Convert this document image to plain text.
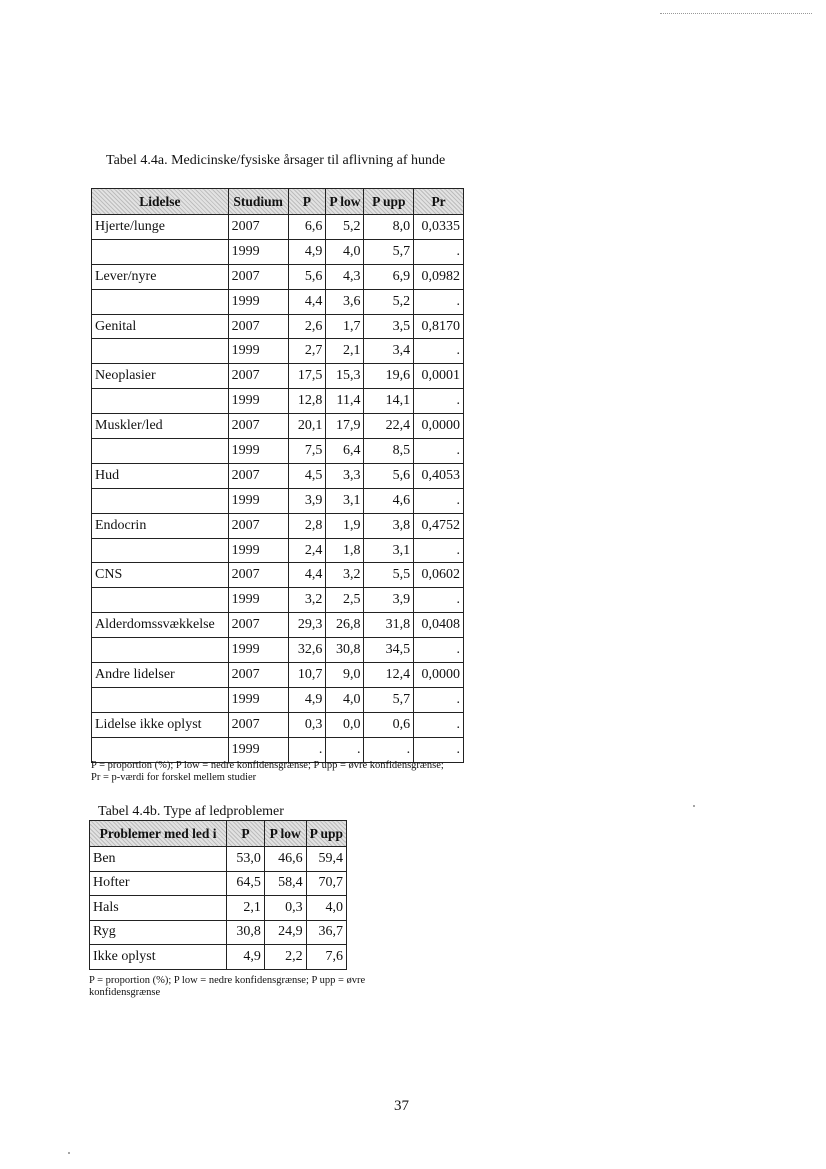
Tabel 4.4a. Medicinske/fysiske årsager til aflivning af hunde
Lidelse	Studium	P	P low	P upp	Pr
Hjerte/lunge	2007	6,6	5,2	8,0	0,0335
	1999	4,9	4,0	5,7	.
Lever/nyre	2007	5,6	4,3	6,9	0,0982
	1999	4,4	3,6	5,2	.
Genital	2007	2,6	1,7	3,5	0,8170
	1999	2,7	2,1	3,4	.
Neoplasier	2007	17,5	15,3	19,6	0,0001
	1999	12,8	11,4	14,1	.
Muskler/led	2007	20,1	17,9	22,4	0,0000
	1999	7,5	6,4	8,5	.
Hud	2007	4,5	3,3	5,6	0,4053
	1999	3,9	3,1	4,6	.
Endocrin	2007	2,8	1,9	3,8	0,4752
	1999	2,4	1,8	3,1	.
CNS	2007	4,4	3,2	5,5	0,0602
	1999	3,2	2,5	3,9	.
Alderdomssvækkelse	2007	29,3	26,8	31,8	0,0408
	1999	32,6	30,8	34,5	.
Andre lidelser	2007	10,7	9,0	12,4	0,0000
	1999	4,9	4,0	5,7	.
Lidelse ikke oplyst	2007	0,3	0,0	0,6	.
	1999	.	.	.	.
P = proportion (%); P low = nedre konfidensgrænse; P upp = øvre konfidensgrænse; Pr = p-værdi for forskel mellem studier
Tabel 4.4b. Type af ledproblemer
Problemer med led i	P	P low	P upp
Ben	53,0	46,6	59,4
Hofter	64,5	58,4	70,7
Hals	2,1	0,3	4,0
Ryg	30,8	24,9	36,7
Ikke oplyst	4,9	2,2	7,6
P = proportion (%); P low = nedre konfidensgrænse; P upp = øvre konfidensgrænse
37
